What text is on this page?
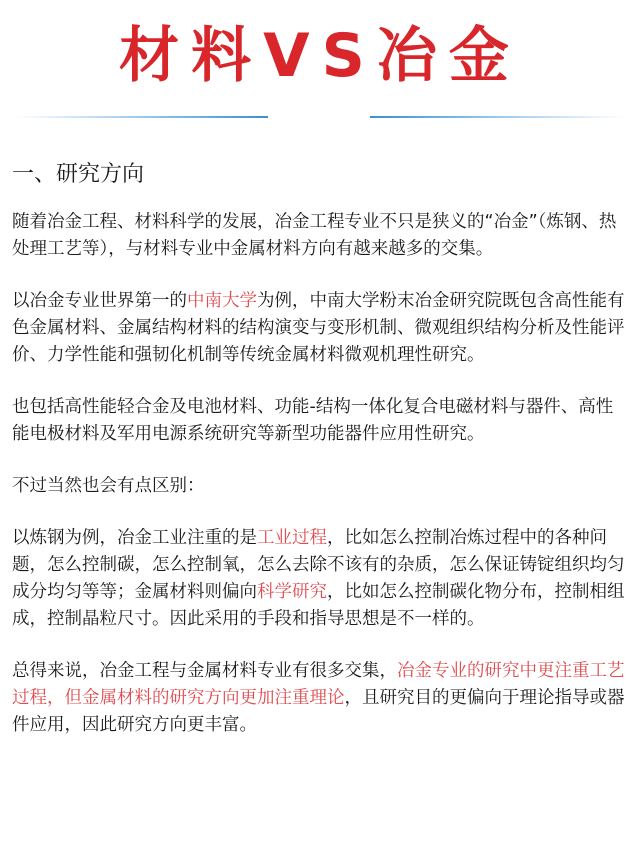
材料VS冶金
一、研究方向

随着冶金工程、材料科学的发展，冶金工程专业不只是狭义的“冶金”（炼钢、热处理工艺等），与材料专业中金属材料方向有越来越多的交集。

以冶金专业世界第一的中南大学为例，中南大学粉末冶金研究院既包含高性能有色金属材料、金属结构材料的结构演变与变形机制、微观组织结构分析及性能评价、力学性能和强韧化机制等传统金属材料微观机理性研究。

也包括高性能轻合金及电池材料、功能-结构一体化复合电磁材料与器件、高性能电极材料及军用电源系统研究等新型功能器件应用性研究。

不过当然也会有点区别：

以炼钢为例，冶金工业注重的是工业过程，比如怎么控制冶炼过程中的各种问题，怎么控制碳，怎么控制氧，怎么去除不该有的杂质，怎么保证铸锭组织均匀成分均匀等等；金属材料则偏向科学研究，比如怎么控制碳化物分布，控制相组成，控制晶粒尺寸。因此采用的手段和指导思想是不一样的。

总得来说，冶金工程与金属材料专业有很多交集，冶金专业的研究中更注重工艺过程，但金属材料的研究方向更加注重理论，且研究目的更偏向于理论指导或器件应用，因此研究方向更丰富。
